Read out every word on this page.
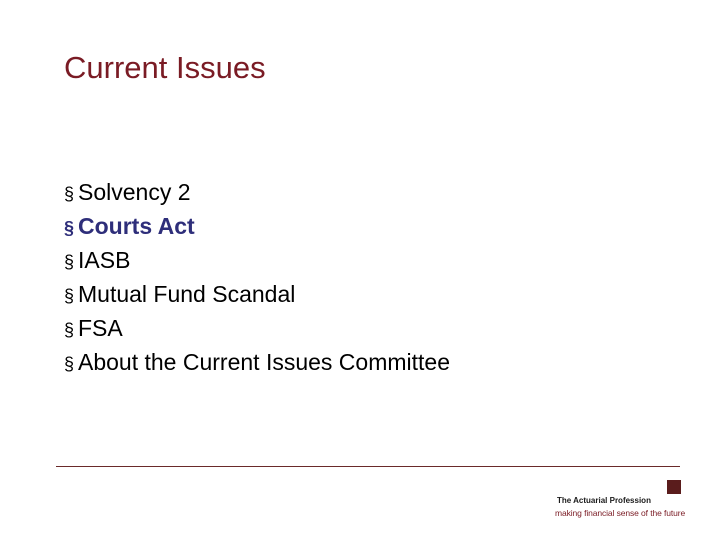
Current Issues
§ Solvency 2
§ Courts Act
§ IASB
§ Mutual Fund Scandal
§ FSA
§ About the Current Issues Committee
The Actuarial Profession
making financial sense of the future
